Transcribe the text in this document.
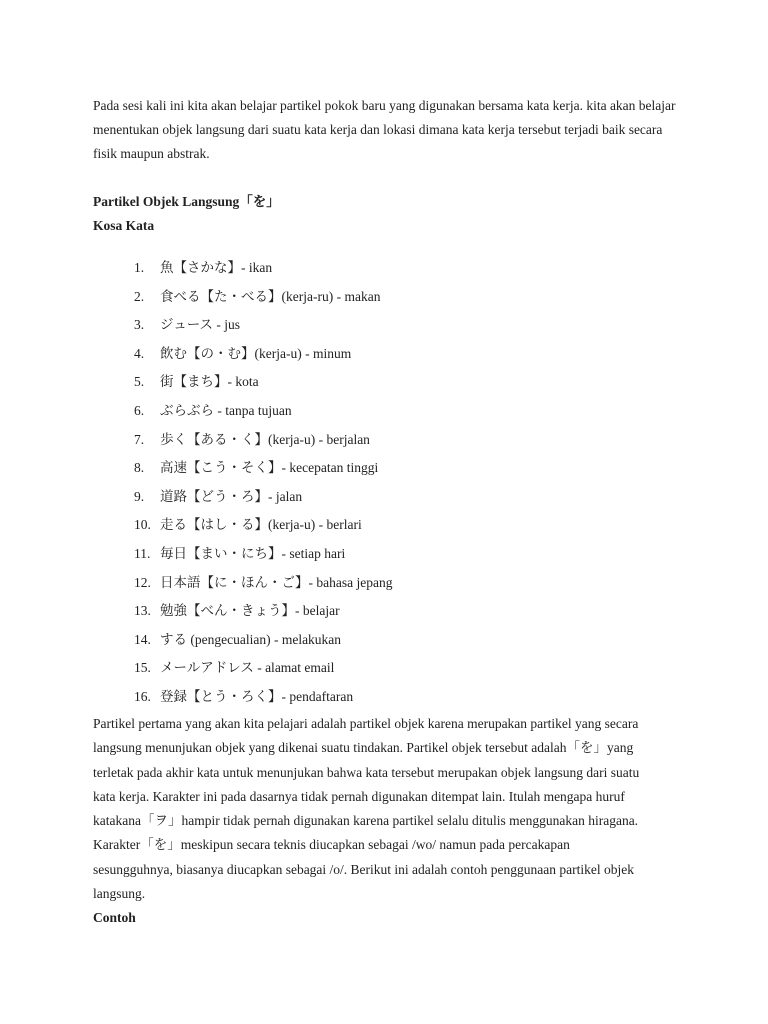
Pada sesi kali ini kita akan belajar partikel pokok baru yang digunakan bersama kata kerja. kita akan belajar menentukan objek langsung dari suatu kata kerja dan lokasi dimana kata kerja tersebut terjadi baik secara fisik maupun abstrak.

Partikel Objek Langsung「を」

Kosa Kata

1. 魚【さかな】- ikan
2. 食べる【た・べる】(kerja-ru) - makan
3. ジュース - jus
4. 飲む【の・む】(kerja-u) - minum
5. 街【まち】- kota
6. ぶらぶら - tanpa tujuan
7. 歩く【ある・く】(kerja-u) - berjalan
8. 高速【こう・そく】- kecepatan tinggi
9. 道路【どう・ろ】- jalan
10. 走る【はし・る】(kerja-u) - berlari
11. 毎日【まい・にち】- setiap hari
12. 日本語【に・ほん・ご】- bahasa jepang
13. 勉強【べん・きょう】- belajar
14. する (pengecualian) - melakukan
15. メールアドレス - alamat email
16. 登録【とう・ろく】- pendaftaran

Partikel pertama yang akan kita pelajari adalah partikel objek karena merupakan partikel yang secara langsung menunjukan objek yang dikenai suatu tindakan. Partikel objek tersebut adalah「を」yang terletak pada akhir kata untuk menunjukan bahwa kata tersebut merupakan objek langsung dari suatu kata kerja. Karakter ini pada dasarnya tidak pernah digunakan ditempat lain. Itulah mengapa huruf katakana「ヲ」hampir tidak pernah digunakan karena partikel selalu ditulis menggunakan hiragana. Karakter「を」meskipun secara teknis diucapkan sebagai /wo/ namun pada percakapan sesungguhnya, biasanya diucapkan sebagai /o/. Berikut ini adalah contoh penggunaan partikel objek langsung.

Contoh
